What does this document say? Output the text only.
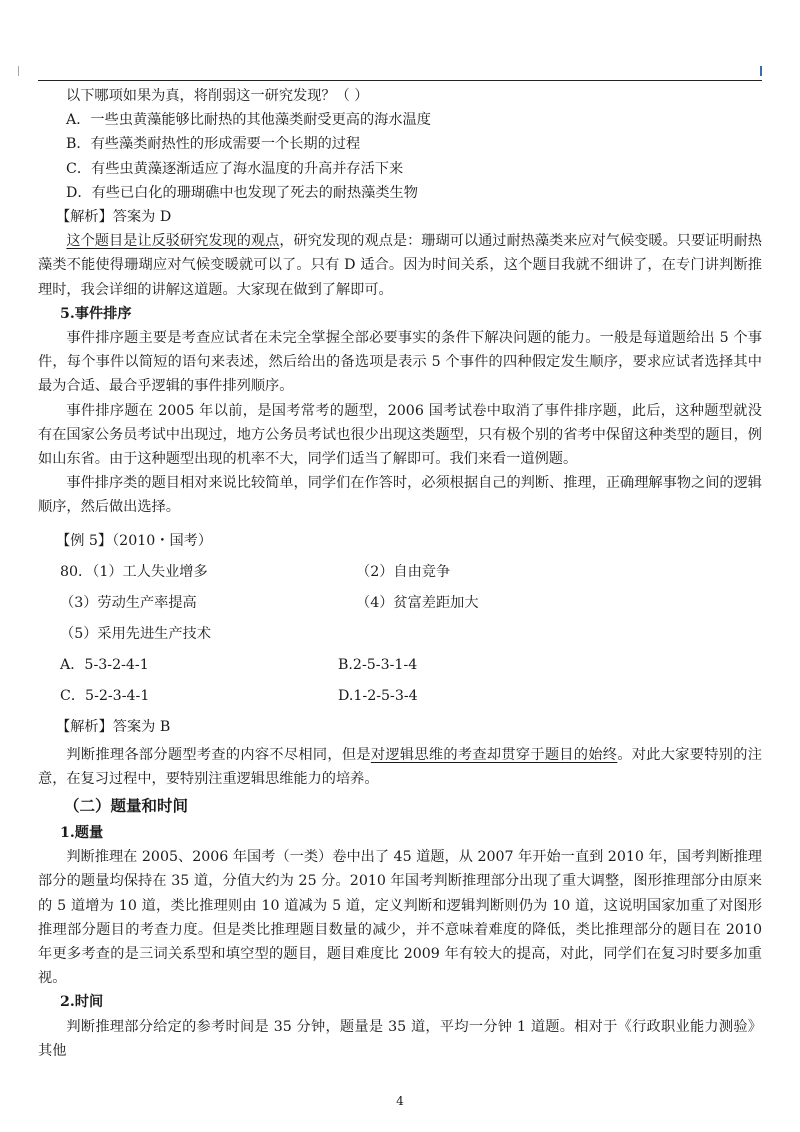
以下哪项如果为真，将削弱这一研究发现？（ ）
A．一些虫黄藻能够比耐热的其他藻类耐受更高的海水温度
B．有些藻类耐热性的形成需要一个长期的过程
C．有些虫黄藻逐渐适应了海水温度的升高并存活下来
D．有些已白化的珊瑚礁中也发现了死去的耐热藻类生物
【解析】答案为 D

这个题目是让反驳研究发现的观点，研究发现的观点是：珊瑚可以通过耐热藻类来应对气候变暖。只要证明耐热藻类不能使得珊瑚应对气候变暖就可以了。只有 D 适合。因为时间关系，这个题目我就不细讲了，在专门讲判断推理时，我会详细的讲解这道题。大家现在做到了解即可。

5.事件排序

事件排序题主要是考查应试者在未完全掌握全部必要事实的条件下解决问题的能力。一般是每道题给出 5 个事件，每个事件以简短的语句来表述，然后给出的备选项是表示 5 个事件的四种假定发生顺序，要求应试者选择其中最为合适、最合乎逻辑的事件排列顺序。

事件排序题在 2005 年以前，是国考常考的题型，2006 国考试卷中取消了事件排序题，此后，这种题型就没有在国家公务员考试中出现过，地方公务员考试也很少出现这类题型，只有极个别的省考中保留这种类型的题目，例如山东省。由于这种题型出现的机率不大，同学们适当了解即可。我们来看一道例题。

事件排序类的题目相对来说比较简单，同学们在作答时，必须根据自己的判断、推理，正确理解事物之间的逻辑顺序，然后做出选择。

【例 5】（2010・国考）
80．（1）工人失业增多	（2）自由竞争
（3）劳动生产率提高	（4）贫富差距加大
（5）采用先进生产技术
A．5-3-2-4-1	B.2-5-3-1-4
C．5-2-3-4-1	D.1-2-5-3-4
【解析】答案为 B

判断推理各部分题型考查的内容不尽相同，但是对逻辑思维的考查却贯穿于题目的始终。对此大家要特别的注意，在复习过程中，要特别注重逻辑思维能力的培养。

（二）题量和时间
1.题量

判断推理在 2005、2006 年国考（一类）卷中出了 45 道题，从 2007 年开始一直到 2010 年，国考判断推理部分的题量均保持在 35 道，分值大约为 25 分。2010 年国考判断推理部分出现了重大调整，图形推理部分由原来的 5 道增为 10 道，类比推理则由 10 道减为 5 道，定义判断和逻辑判断则仍为 10 道，这说明国家加重了对图形推理部分题目的考查力度。但是类比推理题目数量的减少，并不意味着难度的降低，类比推理部分的题目在 2010 年更多考查的是三词关系型和填空型的题目，题目难度比 2009 年有较大的提高，对此，同学们在复习时要多加重视。

2.时间

判断推理部分给定的参考时间是 35 分钟，题量是 35 道，平均一分钟 1 道题。相对于《行政职业能力测验》其他

4
